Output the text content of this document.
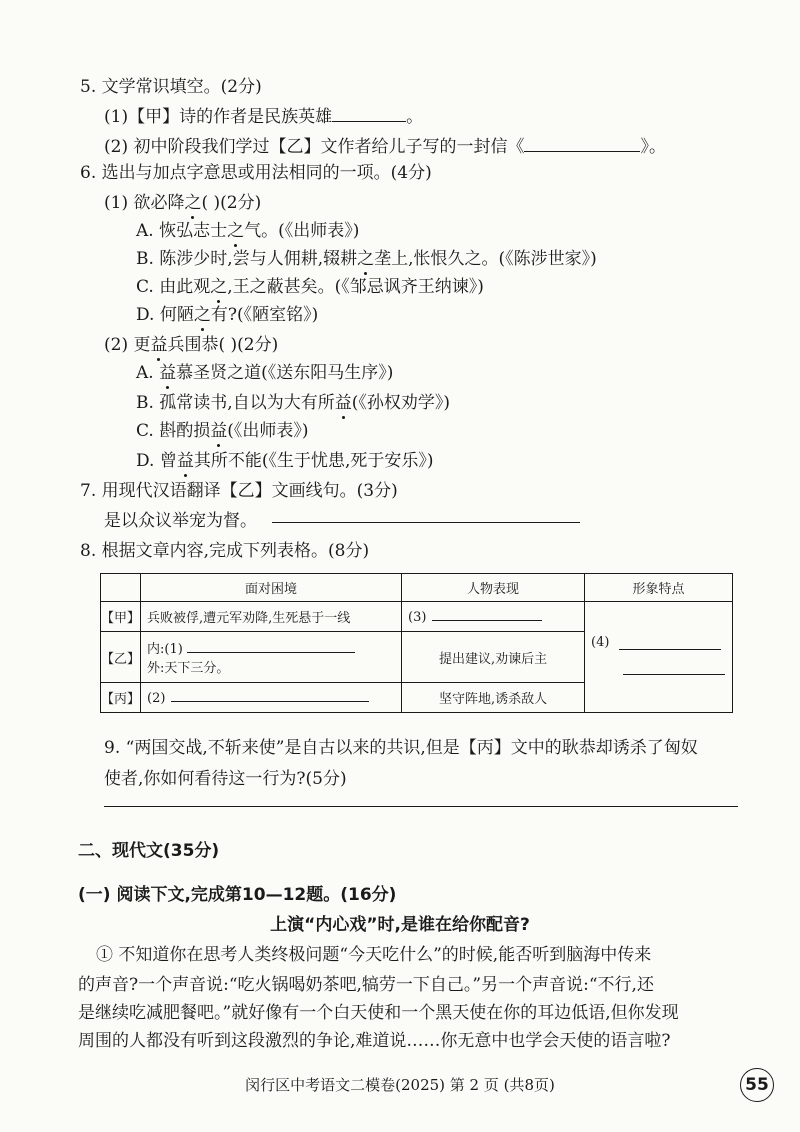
5. 文学常识填空。(2分)
(1)【甲】诗的作者是民族英雄	。
(2) 初中阶段我们学过【乙】文作者给儿子写的一封信《	》。
6. 选出与加点字意思或用法相同的一项。(4分)
(1) 欲必降之( )(2分)
A. 恢弘志士之气。(《出师表》)
B. 陈涉少时,尝与人佣耕,辍耕之垄上,怅恨久之。(《陈涉世家》)
C. 由此观之,王之蔽甚矣。(《邹忌讽齐王纳谏》)
D. 何陋之有?(《陋室铭》)
(2) 更益兵围恭( )(2分)
A. 益慕圣贤之道(《送东阳马生序》)
B. 孤常读书,自以为大有所益(《孙权劝学》)
C. 斟酌损益(《出师表》)
D. 曾益其所不能(《生于忧患,死于安乐》)
7. 用现代汉语翻译【乙】文画线句。(3分)
是以众议举宠为督。
8. 根据文章内容,完成下列表格。(8分)
	面对困境	人物表现	形象特点
【甲】	兵败被俘,遭元军劝降,生死悬于一线	(3)	(4)

【乙】	内:(1)
外:天下三分。	提出建议,劝谏后主	
【丙】	(2)	坚守阵地,诱杀敌人	
9. “两国交战,不斩来使”是自古以来的共识,但是【丙】文中的耿恭却诱杀了匈奴
使者,你如何看待这一行为?(5分)
二、现代文(35分)
(一) 阅读下文,完成第10—12题。(16分)
上演“内心戏”时,是谁在给你配音?
① 不知道你在思考人类终极问题“今天吃什么”的时候,能否听到脑海中传来
的声音?一个声音说:“吃火锅喝奶茶吧,犒劳一下自己。”另一个声音说:“不行,还
是继续吃减肥餐吧。”就好像有一个白天使和一个黑天使在你的耳边低语,但你发现
周围的人都没有听到这段激烈的争论,难道说……你无意中也学会天使的语言啦?
闵行区中考语文二模卷(2025) 第 2 页 (共8页)	55
